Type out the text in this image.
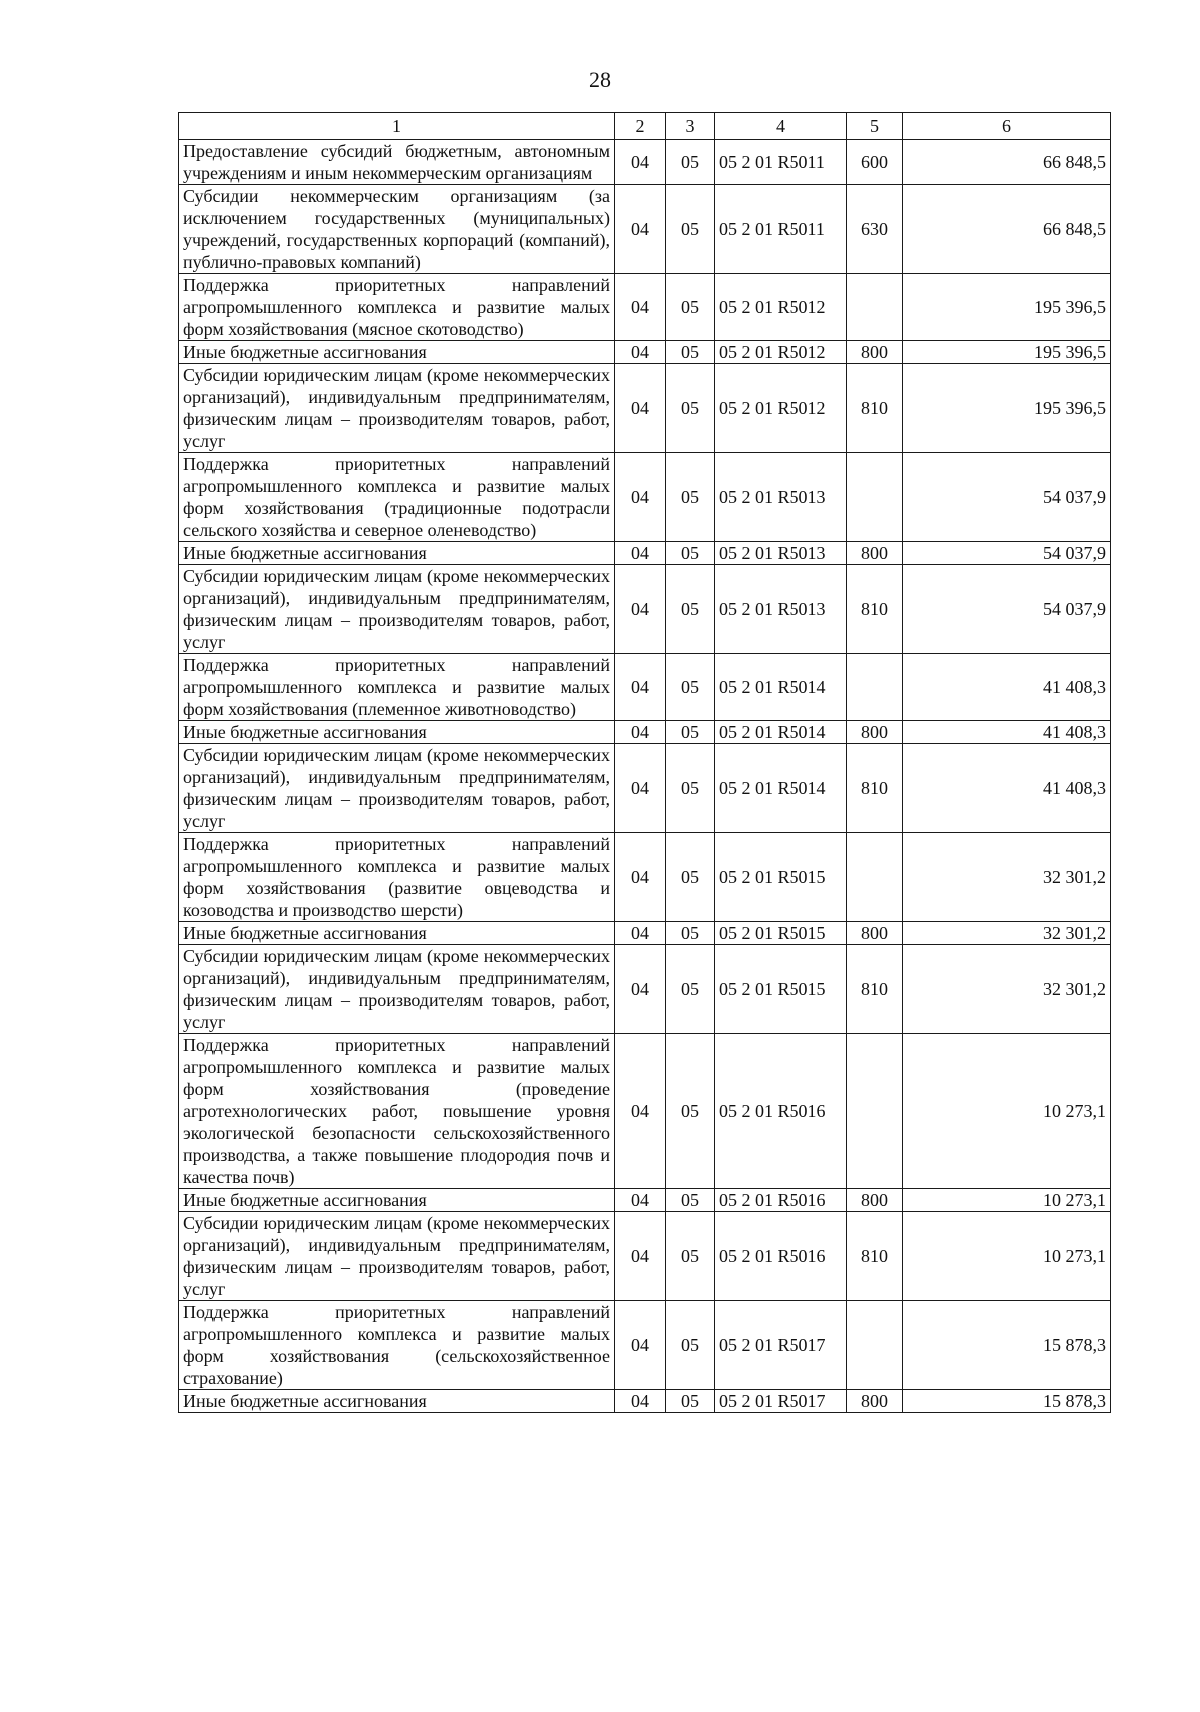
28
1	2	3	4	5	6
Предоставление субсидий бюджетным, автономным учреждениям и иным некоммерческим организациям	04	05	05 2 01 R5011	600	66 848,5
Субсидии некоммерческим организациям (за исключением государственных (муниципальных) учреждений, государственных корпораций (компаний), публично-правовых компаний)	04	05	05 2 01 R5011	630	66 848,5
Поддержка приоритетных направлений агропромышленного комплекса и развитие малых форм хозяйствования (мясное скотоводство)	04	05	05 2 01 R5012		195 396,5
Иные бюджетные ассигнования	04	05	05 2 01 R5012	800	195 396,5
Субсидии юридическим лицам (кроме некоммерческих организаций), индивидуальным предпринимателям, физическим лицам – производителям товаров, работ, услуг	04	05	05 2 01 R5012	810	195 396,5
Поддержка приоритетных направлений агропромышленного комплекса и развитие малых форм хозяйствования (традиционные подотрасли сельского хозяйства и северное оленеводство)	04	05	05 2 01 R5013		54 037,9
Иные бюджетные ассигнования	04	05	05 2 01 R5013	800	54 037,9
Субсидии юридическим лицам (кроме некоммерческих организаций), индивидуальным предпринимателям, физическим лицам – производителям товаров, работ, услуг	04	05	05 2 01 R5013	810	54 037,9
Поддержка приоритетных направлений агропромышленного комплекса и развитие малых форм хозяйствования (племенное животноводство)	04	05	05 2 01 R5014		41 408,3
Иные бюджетные ассигнования	04	05	05 2 01 R5014	800	41 408,3
Субсидии юридическим лицам (кроме некоммерческих организаций), индивидуальным предпринимателям, физическим лицам – производителям товаров, работ, услуг	04	05	05 2 01 R5014	810	41 408,3
Поддержка приоритетных направлений агропромышленного комплекса и развитие малых форм хозяйствования (развитие овцеводства и козоводства и производство шерсти)	04	05	05 2 01 R5015		32 301,2
Иные бюджетные ассигнования	04	05	05 2 01 R5015	800	32 301,2
Субсидии юридическим лицам (кроме некоммерческих организаций), индивидуальным предпринимателям, физическим лицам – производителям товаров, работ, услуг	04	05	05 2 01 R5015	810	32 301,2
Поддержка приоритетных направлений агропромышленного комплекса и развитие малых форм хозяйствования (проведение агротехнологических работ, повышение уровня экологической безопасности сельскохозяйственного производства, а также повышение плодородия почв и качества почв)	04	05	05 2 01 R5016		10 273,1
Иные бюджетные ассигнования	04	05	05 2 01 R5016	800	10 273,1
Субсидии юридическим лицам (кроме некоммерческих организаций), индивидуальным предпринимателям, физическим лицам – производителям товаров, работ, услуг	04	05	05 2 01 R5016	810	10 273,1
Поддержка приоритетных направлений агропромышленного комплекса и развитие малых форм хозяйствования (сельскохозяйственное страхование)	04	05	05 2 01 R5017		15 878,3
Иные бюджетные ассигнования	04	05	05 2 01 R5017	800	15 878,3
